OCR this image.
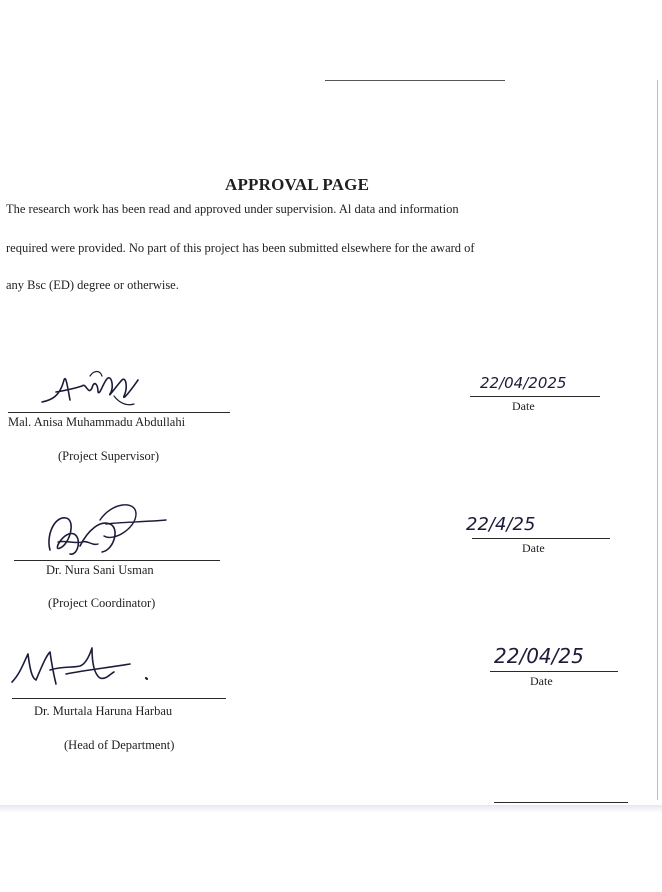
APPROVAL PAGE
The research work has been read and approved under supervision. Al data and information
required were provided. No part of this project has been submitted elsewhere for the award of
any Bsc (ED) degree or otherwise.
Mal. Anisa Muhammadu Abdullahi
(Project Supervisor)
22/04/2025
Date
Dr. Nura Sani Usman
(Project Coordinator)
22/4/25
Date
Dr. Murtala Haruna Harbau
(Head of Department)
22/04/25
Date
